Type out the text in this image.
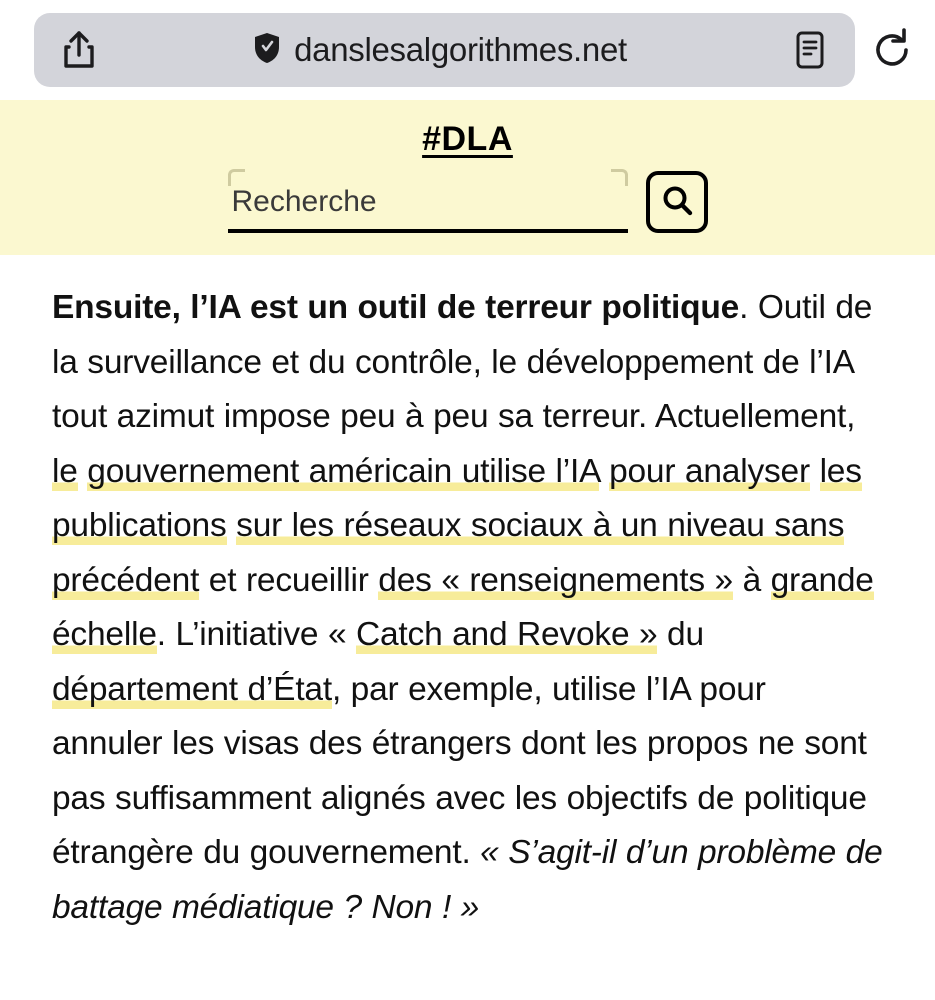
danslesalgorithmes.net
#DLA
Recherche

Ensuite, l’IA est un outil de terreur politique. Outil de la surveillance et du contrôle, le développement de l’IA tout azimut impose peu à peu sa terreur. Actuellement, le gouvernement américain utilise l’IA pour analyser les publications sur les réseaux sociaux à un niveau sans précédent et recueillir des « renseignements » à grande échelle. L’initiative « Catch and Revoke » du département d’État, par exemple, utilise l’IA pour annuler les visas des étrangers dont les propos ne sont pas suffisamment alignés avec les objectifs de politique étrangère du gouvernement. « S’agit-il d’un problème de battage médiatique ? Non ! »
